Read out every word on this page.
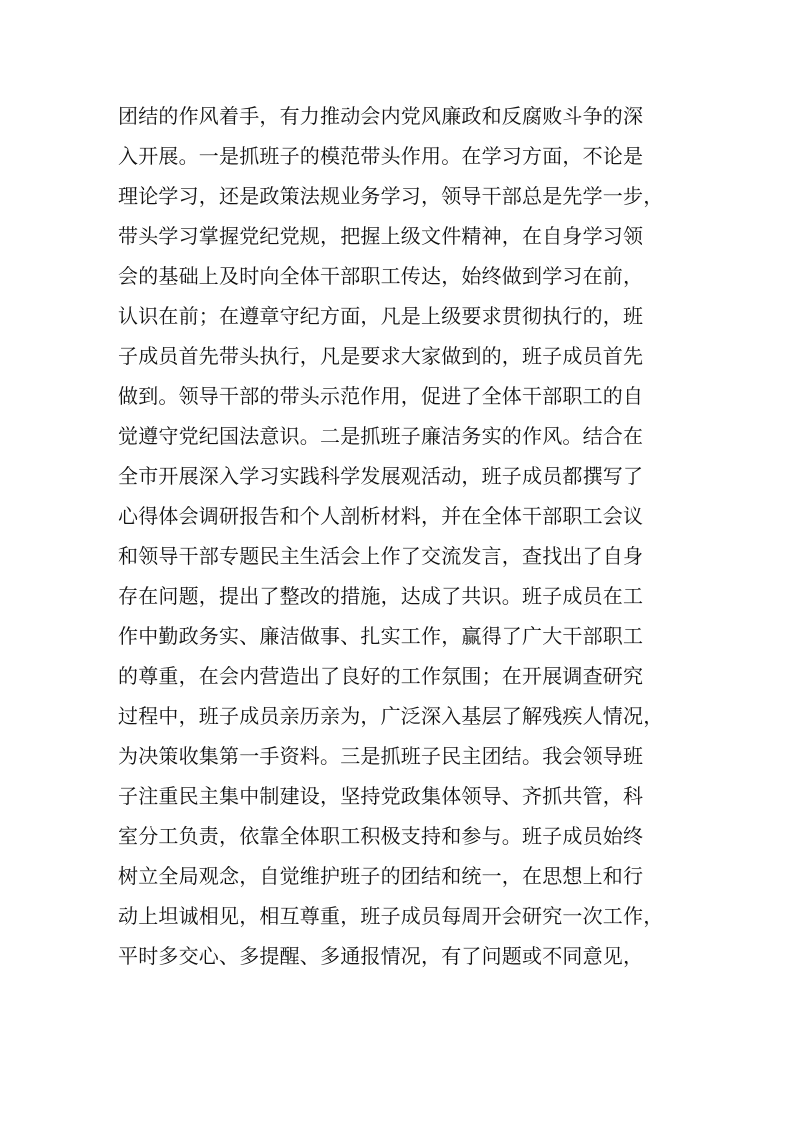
团结的作风着手，有力推动会内党风廉政和反腐败斗争的深
入开展。一是抓班子的模范带头作用。在学习方面，不论是
理论学习，还是政策法规业务学习，领导干部总是先学一步，
带头学习掌握党纪党规，把握上级文件精神，在自身学习领
会的基础上及时向全体干部职工传达，始终做到学习在前，
认识在前；在遵章守纪方面，凡是上级要求贯彻执行的，班
子成员首先带头执行，凡是要求大家做到的，班子成员首先
做到。领导干部的带头示范作用，促进了全体干部职工的自
觉遵守党纪国法意识。二是抓班子廉洁务实的作风。结合在
全市开展深入学习实践科学发展观活动，班子成员都撰写了
心得体会调研报告和个人剖析材料，并在全体干部职工会议
和领导干部专题民主生活会上作了交流发言，查找出了自身
存在问题，提出了整改的措施，达成了共识。班子成员在工
作中勤政务实、廉洁做事、扎实工作，赢得了广大干部职工
的尊重，在会内营造出了良好的工作氛围；在开展调查研究
过程中，班子成员亲历亲为，广泛深入基层了解残疾人情况，
为决策收集第一手资料。三是抓班子民主团结。我会领导班
子注重民主集中制建设，坚持党政集体领导、齐抓共管，科
室分工负责，依靠全体职工积极支持和参与。班子成员始终
树立全局观念，自觉维护班子的团结和统一，在思想上和行
动上坦诚相见，相互尊重，班子成员每周开会研究一次工作，
平时多交心、多提醒、多通报情况，有了问题或不同意见，
